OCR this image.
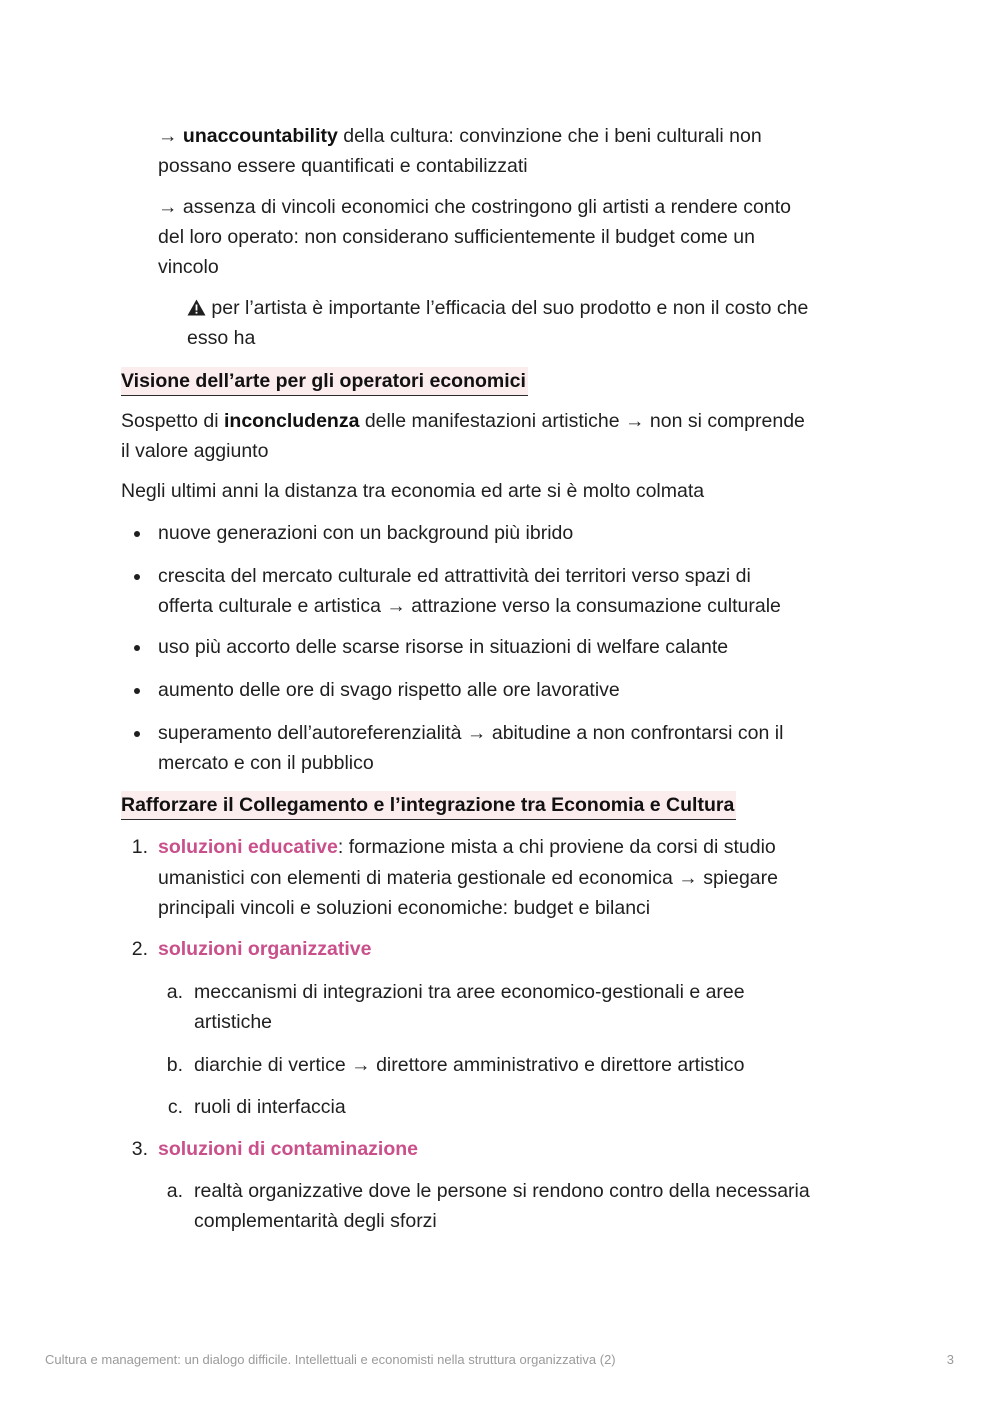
→ unaccountability della cultura: convinzione che i beni culturali non
possano essere quantificati e contabilizzati
→ assenza di vincoli economici che costringono gli artisti a rendere conto
del loro operato: non considerano sufficientemente il budget come un
vincolo
per l’artista è importante l’efficacia del suo prodotto e non il costo che
esso ha
Visione dell’arte per gli operatori economici
Sospetto di inconcludenza delle manifestazioni artistiche → non si comprende
il valore aggiunto
Negli ultimi anni la distanza tra economia ed arte si è molto colmata
nuove generazioni con un background più ibrido
crescita del mercato culturale ed attrattività dei territori verso spazi di
offerta culturale e artistica → attrazione verso la consumazione culturale
uso più accorto delle scarse risorse in situazioni di welfare calante
aumento delle ore di svago rispetto alle ore lavorative
superamento dell’autoreferenzialità → abitudine a non confrontarsi con il
mercato e con il pubblico
Rafforzare il Collegamento e l’integrazione tra Economia e Cultura
1. soluzioni educative: formazione mista a chi proviene da corsi di studio
umanistici con elementi di materia gestionale ed economica → spiegare
principali vincoli e soluzioni economiche: budget e bilanci
2. soluzioni organizzative
a. meccanismi di integrazioni tra aree economico-gestionali e aree
artistiche
b. diarchie di vertice → direttore amministrativo e direttore artistico
c. ruoli di interfaccia
3. soluzioni di contaminazione
a. realtà organizzative dove le persone si rendono contro della necessaria
complementarità degli sforzi
Cultura e management: un dialogo difficile. Intellettuali e economisti nella struttura organizzativa (2)	3
